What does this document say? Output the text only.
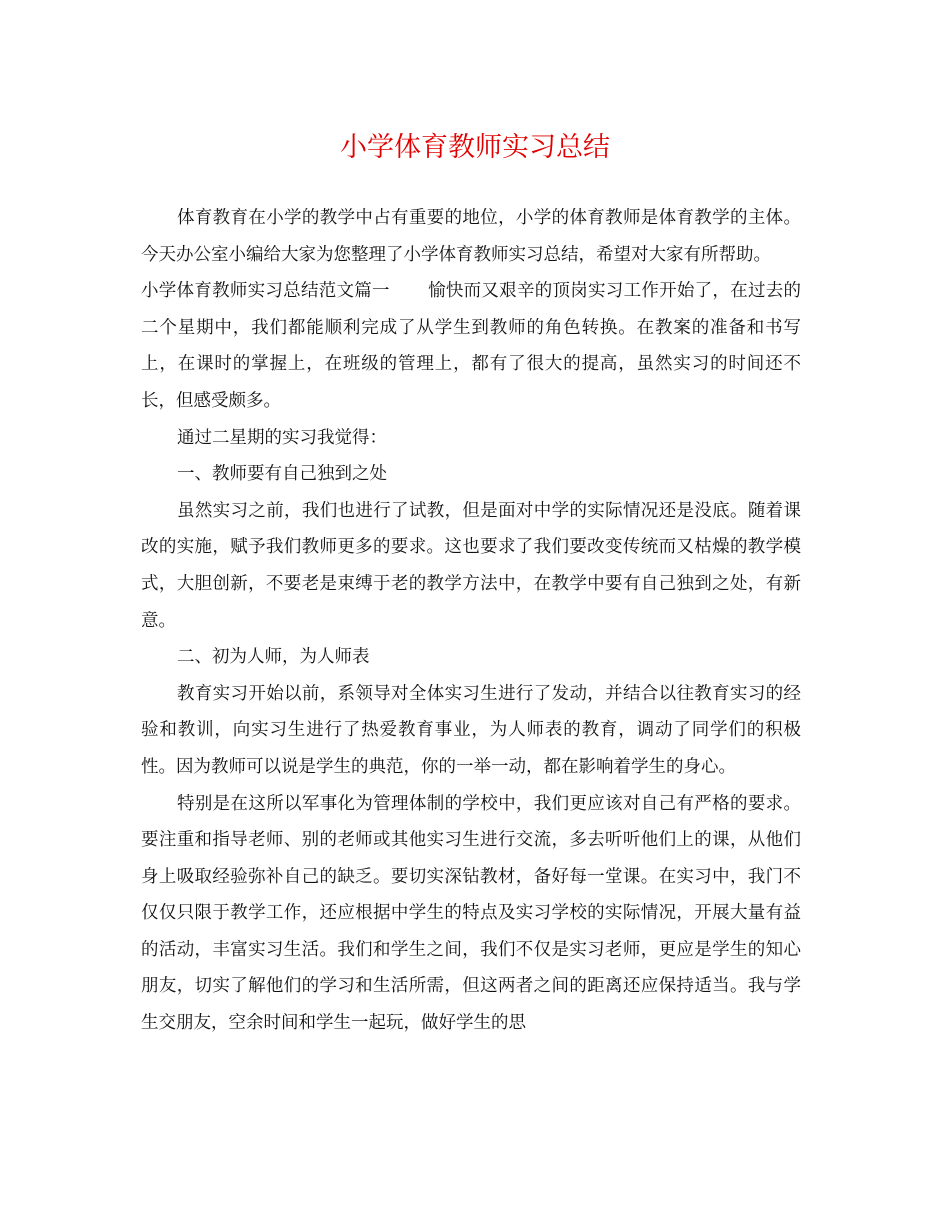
小学体育教师实习总结

体育教育在小学的教学中占有重要的地位，小学的体育教师是体育教学的主体。今天办公室小编给大家为您整理了小学体育教师实习总结，希望对大家有所帮助。

小学体育教师实习总结范文篇一 愉快而又艰辛的顶岗实习工作开始了，在过去的二个星期中，我们都能顺利完成了从学生到教师的角色转换。在教案的准备和书写上，在课时的掌握上，在班级的管理上，都有了很大的提高，虽然实习的时间还不长，但感受颇多。

通过二星期的实习我觉得：

一、教师要有自己独到之处

虽然实习之前，我们也进行了试教，但是面对中学的实际情况还是没底。随着课改的实施，赋予我们教师更多的要求。这也要求了我们要改变传统而又枯燥的教学模式，大胆创新，不要老是束缚于老的教学方法中，在教学中要有自己独到之处，有新意。

二、初为人师，为人师表

教育实习开始以前，系领导对全体实习生进行了发动，并结合以往教育实习的经验和教训，向实习生进行了热爱教育事业，为人师表的教育，调动了同学们的积极性。因为教师可以说是学生的典范，你的一举一动，都在影响着学生的身心。

特别是在这所以军事化为管理体制的学校中，我们更应该对自己有严格的要求。要注重和指导老师、别的老师或其他实习生进行交流，多去听听他们上的课，从他们身上吸取经验弥补自己的缺乏。要切实深钻教材，备好每一堂课。在实习中，我门不仅仅只限于教学工作，还应根据中学生的特点及实习学校的实际情况，开展大量有益的活动，丰富实习生活。我们和学生之间，我们不仅是实习老师，更应是学生的知心朋友，切实了解他们的学习和生活所需，但这两者之间的距离还应保持适当。我与学生交朋友，空余时间和学生一起玩，做好学生的思
